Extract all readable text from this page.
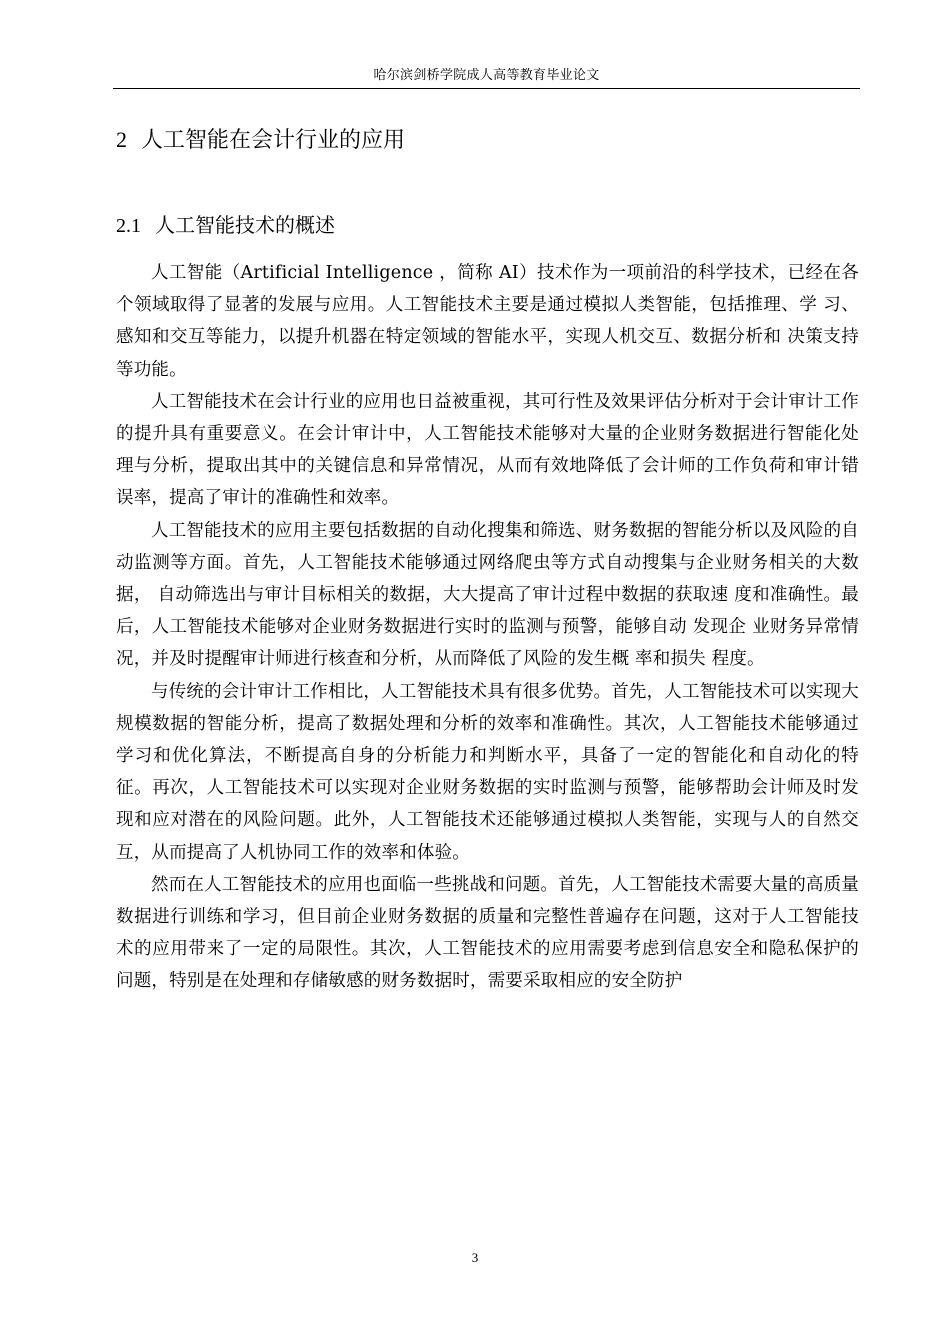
哈尔滨剑桥学院成人高等教育毕业论文
2 人工智能在会计行业的应用
2.1 人工智能技术的概述

人工智能（Artificial Intelligence ，简称 AI）技术作为一项前沿的科学技术，已经在各 个领域取得了显著的发展与应用。人工智能技术主要是通过模拟人类智能，包括推理、学 习、感知和交互等能力，以提升机器在特定领域的智能水平，实现人机交互、数据分析和 决策支持等功能。

人工智能技术在会计行业的应用也日益被重视，其可行性及效果评估分析对于会计审计工作的提升具有重要意义。在会计审计中，人工智能技术能够对大量的企业财务数据进行智能化处理与分析，提取出其中的关键信息和异常情况，从而有效地降低了会计师的工作负荷和审计错误率，提高了审计的准确性和效率。

人工智能技术的应用主要包括数据的自动化搜集和筛选、财务数据的智能分析以及风险的自动监测等方面。首先，人工智能技术能够通过网络爬虫等方式自动搜集与企业财务相关的大数据， 自动筛选出与审计目标相关的数据，大大提高了审计过程中数据的获取速 度和准确性。最后，人工智能技术能够对企业财务数据进行实时的监测与预警，能够自动 发现企 业财务异常情况，并及时提醒审计师进行核查和分析，从而降低了风险的发生概 率和损失 程度。

与传统的会计审计工作相比，人工智能技术具有很多优势。首先，人工智能技术可以实现大规模数据的智能分析，提高了数据处理和分析的效率和准确性。其次，人工智能技术能够通过学习和优化算法，不断提高自身的分析能力和判断水平，具备了一定的智能化和自动化的特征。再次，人工智能技术可以实现对企业财务数据的实时监测与预警，能够帮助会计师及时发现和应对潜在的风险问题。此外，人工智能技术还能够通过模拟人类智能，实现与人的自然交互，从而提高了人机协同工作的效率和体验。

然而在人工智能技术的应用也面临一些挑战和问题。首先，人工智能技术需要大量的高质量数据进行训练和学习，但目前企业财务数据的质量和完整性普遍存在问题，这对于人工智能技术的应用带来了一定的局限性。其次，人工智能技术的应用需要考虑到信息安全和隐私保护的问题，特别是在处理和存储敏感的财务数据时，需要采取相应的安全防护

3
